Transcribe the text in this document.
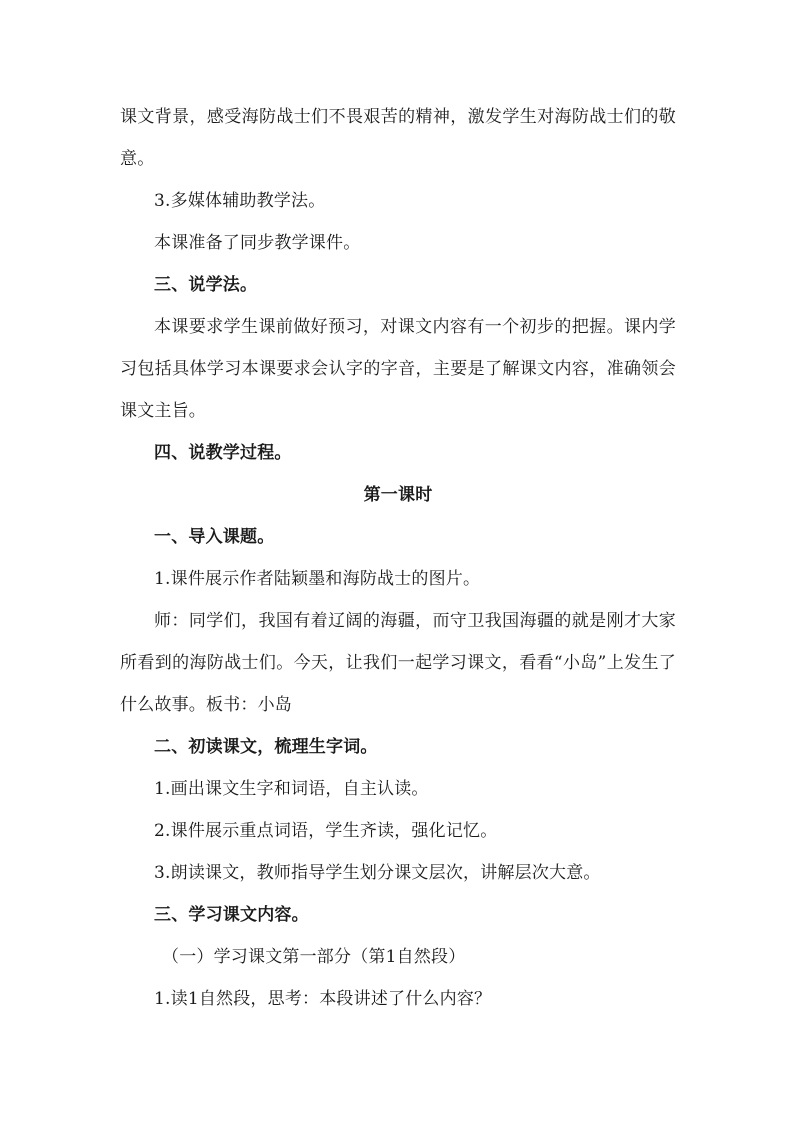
课文背景，感受海防战士们不畏艰苦的精神，激发学生对海防战士们的敬意。

3.多媒体辅助教学法。

本课准备了同步教学课件。

三、说学法。

本课要求学生课前做好预习，对课文内容有一个初步的把握。课内学习包括具体学习本课要求会认字的字音，主要是了解课文内容，准确领会课文主旨。

四、说教学过程。

第一课时

一、导入课题。

1.课件展示作者陆颖墨和海防战士的图片。

师：同学们，我国有着辽阔的海疆，而守卫我国海疆的就是刚才大家所看到的海防战士们。今天，让我们一起学习课文，看看“小岛”上发生了什么故事。板书：小岛

二、初读课文，梳理生字词。

1.画出课文生字和词语，自主认读。

2.课件展示重点词语，学生齐读，强化记忆。

3.朗读课文，教师指导学生划分课文层次，讲解层次大意。

三、学习课文内容。

（一）学习课文第一部分（第1自然段）

1.读1自然段，思考：本段讲述了什么内容？
